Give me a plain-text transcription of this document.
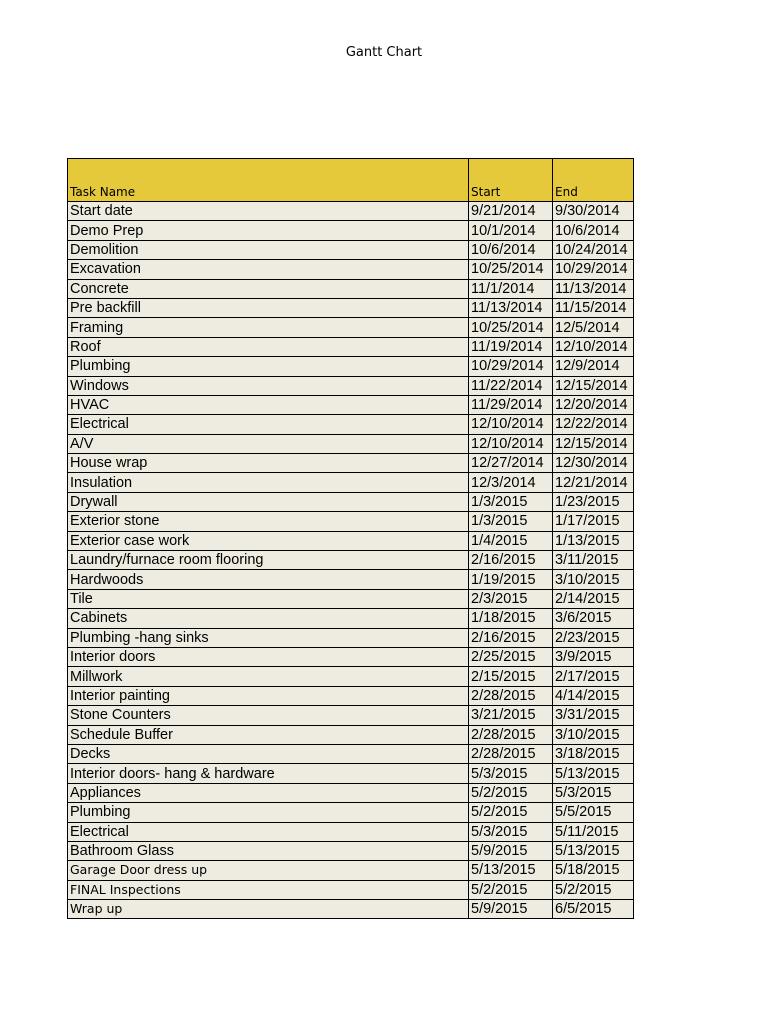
Gantt Chart
Task Name	Start	End
Start date	9/21/2014	9/30/2014
Demo Prep	10/1/2014	10/6/2014
Demolition	10/6/2014	10/24/2014
Excavation	10/25/2014	10/29/2014
Concrete	11/1/2014	11/13/2014
Pre backfill	11/13/2014	11/15/2014
Framing	10/25/2014	12/5/2014
Roof	11/19/2014	12/10/2014
Plumbing	10/29/2014	12/9/2014
Windows	11/22/2014	12/15/2014
HVAC	11/29/2014	12/20/2014
Electrical	12/10/2014	12/22/2014
A/V	12/10/2014	12/15/2014
House wrap	12/27/2014	12/30/2014
Insulation	12/3/2014	12/21/2014
Drywall	1/3/2015	1/23/2015
Exterior stone	1/3/2015	1/17/2015
Exterior case work	1/4/2015	1/13/2015
Laundry/furnace room flooring	2/16/2015	3/11/2015
Hardwoods	1/19/2015	3/10/2015
Tile	2/3/2015	2/14/2015
Cabinets	1/18/2015	3/6/2015
Plumbing -hang sinks	2/16/2015	2/23/2015
Interior doors	2/25/2015	3/9/2015
Millwork	2/15/2015	2/17/2015
Interior painting	2/28/2015	4/14/2015
Stone Counters	3/21/2015	3/31/2015
Schedule Buffer	2/28/2015	3/10/2015
Decks	2/28/2015	3/18/2015
Interior doors- hang & hardware	5/3/2015	5/13/2015
Appliances	5/2/2015	5/3/2015
Plumbing	5/2/2015	5/5/2015
Electrical	5/3/2015	5/11/2015
Bathroom Glass	5/9/2015	5/13/2015
Garage Door dress up	5/13/2015	5/18/2015
FINAL Inspections	5/2/2015	5/2/2015
Wrap up	5/9/2015	6/5/2015
